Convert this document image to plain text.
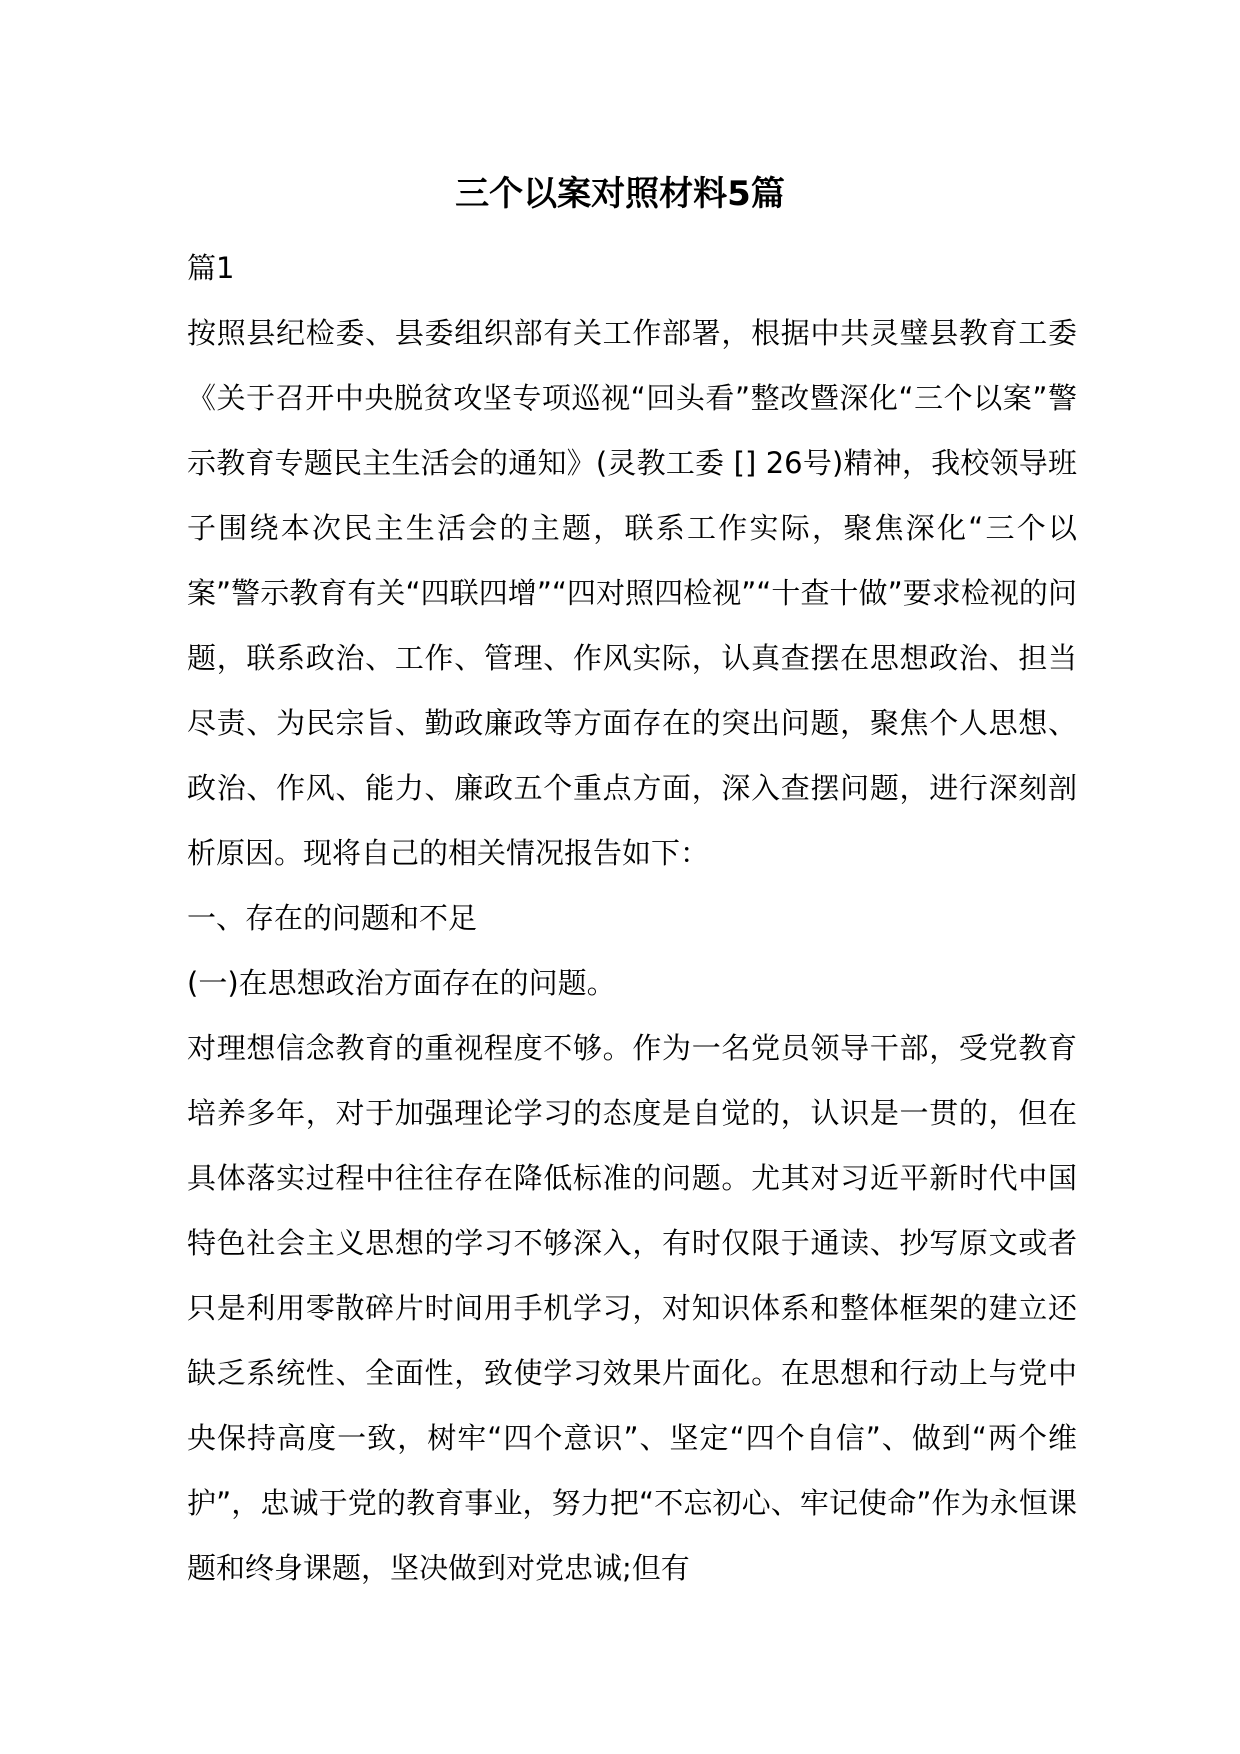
三个以案对照材料5篇

篇1

按照县纪检委、县委组织部有关工作部署，根据中共灵璧县教育工委《关于召开中央脱贫攻坚专项巡视“回头看”整改暨深化“三个以案”警示教育专题民主生活会的通知》(灵教工委 [] 26号)精神，我校领导班子围绕本次民主生活会的主题，联系工作实际，聚焦深化“三个以案”警示教育有关“四联四增”“四对照四检视”“十查十做”要求检视的问题，联系政治、工作、管理、作风实际，认真查摆在思想政治、担当尽责、为民宗旨、勤政廉政等方面存在的突出问题，聚焦个人思想、政治、作风、能力、廉政五个重点方面，深入查摆问题，进行深刻剖析原因。现将自己的相关情况报告如下：

一、存在的问题和不足

(一)在思想政治方面存在的问题。

对理想信念教育的重视程度不够。作为一名党员领导干部，受党教育培养多年，对于加强理论学习的态度是自觉的，认识是一贯的，但在具体落实过程中往往存在降低标准的问题。尤其对习近平新时代中国特色社会主义思想的学习不够深入，有时仅限于通读、抄写原文或者只是利用零散碎片时间用手机学习，对知识体系和整体框架的建立还缺乏系统性、全面性，致使学习效果片面化。在思想和行动上与党中央保持高度一致，树牢“四个意识”、坚定“四个自信”、做到“两个维护”，忠诚于党的教育事业，努力把“不忘初心、牢记使命”作为永恒课题和终身课题，坚决做到对党忠诚;但有
